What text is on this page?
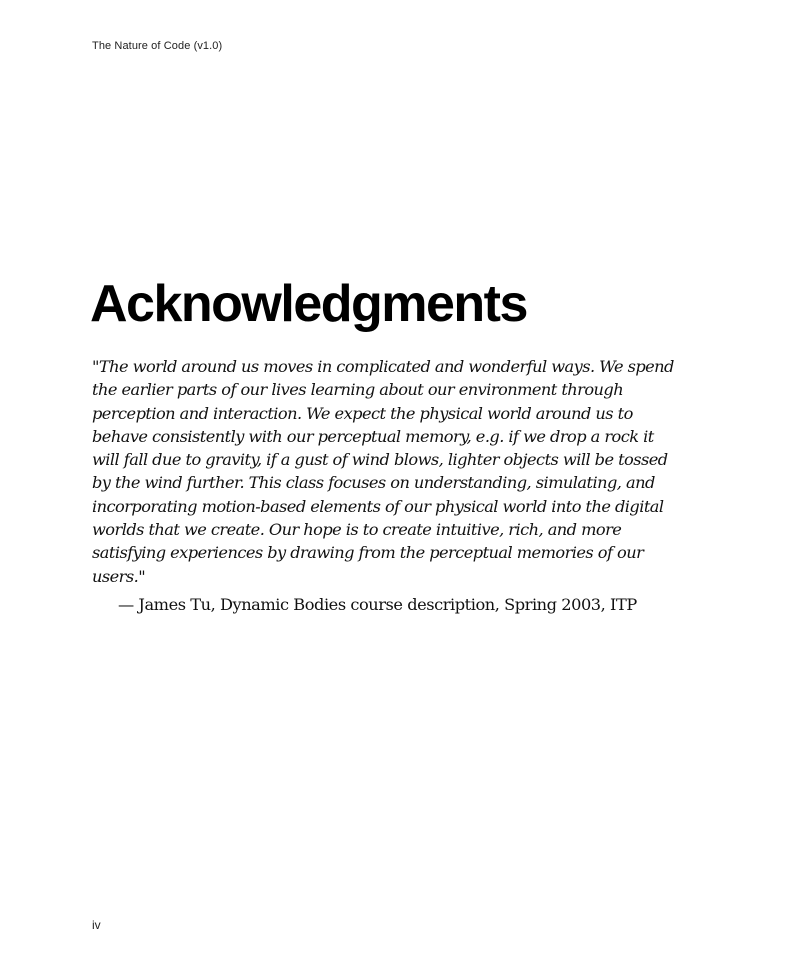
The Nature of Code (v1.0)
Acknowledgments

"The world around us moves in complicated and wonderful ways. We spend the earlier parts of our lives learning about our environment through perception and interaction. We expect the physical world around us to behave consistently with our perceptual memory, e.g. if we drop a rock it will fall due to gravity, if a gust of wind blows, lighter objects will be tossed by the wind further. This class focuses on understanding, simulating, and incorporating motion-based elements of our physical world into the digital worlds that we create. Our hope is to create intuitive, rich, and more satisfying experiences by drawing from the perceptual memories of our users."

— James Tu, Dynamic Bodies course description, Spring 2003, ITP

iv
